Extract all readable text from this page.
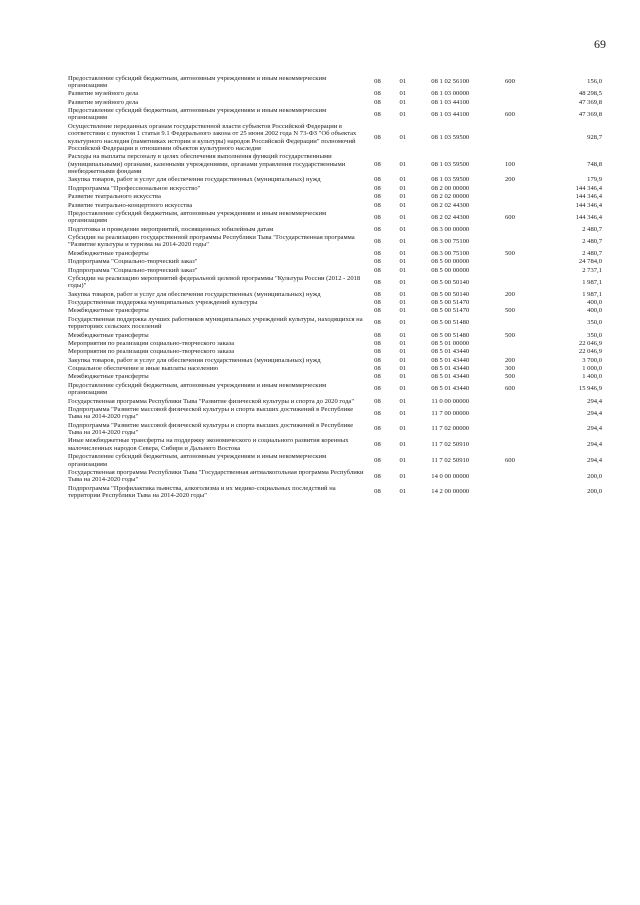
69
Предоставление субсидий бюджетным, автономным учреждениям и иным некоммерческим организациям	08	01	08 1 02 56100	600	156,0
Развитие музейного дела	08	01	08 1 03 00000		48 298,5
Развитие музейного дела	08	01	08 1 03 44100		47 369,8
Предоставление субсидий бюджетным, автономным учреждениям и иным некоммерческим организациям	08	01	08 1 03 44100	600	47 369,8
Осуществление переданных органам государственной власти субъектов Российской Федерации в соответствии с пунктом 1 статьи 9.1 Федерального закона от 25 июня 2002 года N 73-ФЗ "Об объектах культурного наследия (памятниках истории и культуры) народов Российской Федерации" полномочий Российской Федерации в отношении объектов культурного наследия	08	01	08 1 03 59500		928,7
Расходы на выплаты персоналу в целях обеспечения выполнения функций государственными (муниципальными) органами, казенными учреждениями, органами управления государственными внебюджетными фондами	08	01	08 1 03 59500	100	748,8
Закупка товаров, работ и услуг для обеспечения государственных (муниципальных) нужд	08	01	08 1 03 59500	200	179,9
Подпрограмма "Профессиональное искусство"	08	01	08 2 00 00000		144 346,4
Развитие театрального искусства	08	01	08 2 02 00000		144 346,4
Развитие театрально-концертного искусства	08	01	08 2 02 44300		144 346,4
Предоставление субсидий бюджетным, автономным учреждениям и иным некоммерческим организациям	08	01	08 2 02 44300	600	144 346,4
Подготовка и проведение мероприятий, посвященных юбилейным датам	08	01	08 3 00 00000		2 480,7
Субсидии на реализацию государственной программы Республики Тыва "Государственная программа "Развитие культуры и туризма на 2014-2020 годы"	08	01	08 3 00 75100		2 480,7
Межбюджетные трансферты	08	01	08 3 00 75100	500	2 480,7
Подпрограмма "Социально-творческий заказ"	08	01	08 5 00 00000		24 784,0
Подпрограмма "Социально-творческий заказ"	08	01	08 5 00 00000		2 737,1
Субсидии на реализацию мероприятий федеральной целевой программы "Культура России (2012 - 2018 годы)"	08	01	08 5 00 50140		1 987,1
Закупка товаров, работ и услуг для обеспечения государственных (муниципальных) нужд	08	01	08 5 00 50140	200	1 987,1
Государственная поддержка муниципальных учреждений культуры	08	01	08 5 00 51470		400,0
Межбюджетные трансферты	08	01	08 5 00 51470	500	400,0
Государственная поддержка лучших работников муниципальных учреждений культуры, находящихся на территориях сельских поселений	08	01	08 5 00 51480		350,0
Межбюджетные трансферты	08	01	08 5 00 51480	500	350,0
Мероприятия по реализации социально-творческого заказа	08	01	08 5 01 00000		22 046,9
Мероприятия по реализации социально-творческого заказа	08	01	08 5 01 43440		22 046,9
Закупка товаров, работ и услуг для обеспечения государственных (муниципальных) нужд	08	01	08 5 01 43440	200	3 700,0
Социальное обеспечение и иные выплаты населению	08	01	08 5 01 43440	300	1 000,0
Межбюджетные трансферты	08	01	08 5 01 43440	500	1 400,0
Предоставление субсидий бюджетным, автономным учреждениям и иным некоммерческим организациям	08	01	08 5 01 43440	600	15 946,9
Государственная программа Республики Тыва "Развитие физической культуры и спорта до 2020 года"	08	01	11 0 00 00000		294,4
Подпрограмма "Развитие массовой физической культуры и спорта высших достижений в Республике Тыва на 2014-2020 годы"	08	01	11 7 00 00000		294,4
Подпрограмма "Развитие массовой физической культуры и спорта высших достижений в Республике Тыва на 2014-2020 годы"	08	01	11 7 02 00000		294,4
Иные межбюджетные трансферты на поддержку экономического и социального развития коренных малочисленных народов Севера, Сибири и Дальнего Востока	08	01	11 7 02 50910		294,4
Предоставление субсидий бюджетным, автономным учреждениям и иным некоммерческим организациям	08	01	11 7 02 50910	600	294,4
Государственная программа Республики Тыва "Государственная антиалкогольная программа Республики Тыва на 2014-2020 годы"	08	01	14 0 00 00000		200,0
Подпрограмма "Профилактика пьянства, алкоголизма и их медико-социальных последствий на территории Республики Тыва на 2014-2020 годы"	08	01	14 2 00 00000		200,0
